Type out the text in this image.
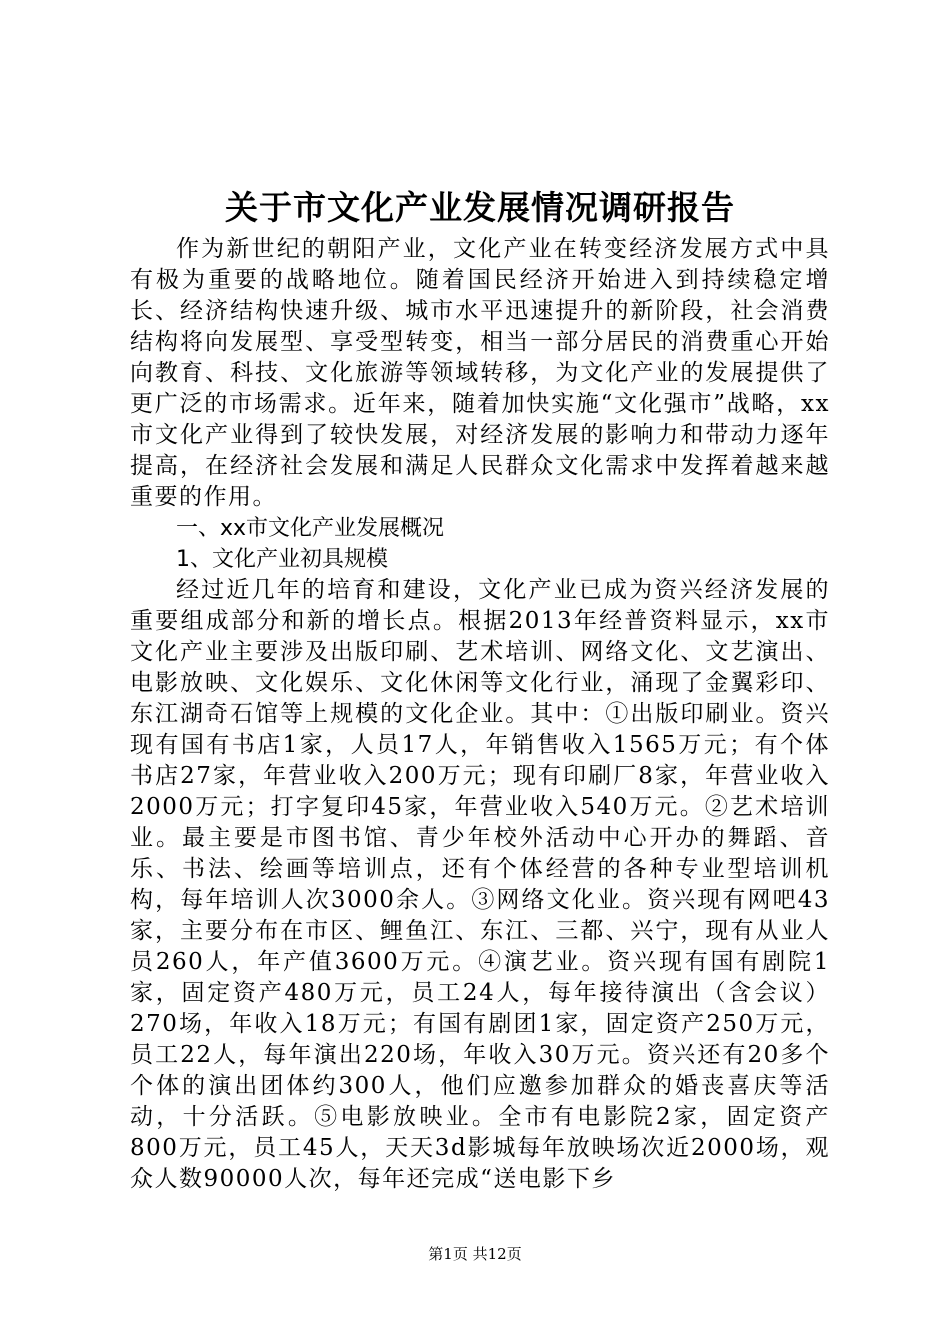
关于市文化产业发展情况调研报告

作为新世纪的朝阳产业，文化产业在转变经济发展方式中具有极为重要的战略地位。随着国民经济开始进入到持续稳定增长、经济结构快速升级、城市水平迅速提升的新阶段，社会消费结构将向发展型、享受型转变，相当一部分居民的消费重心开始向教育、科技、文化旅游等领域转移，为文化产业的发展提供了更广泛的市场需求。近年来，随着加快实施“文化强市”战略，xx市文化产业得到了较快发展，对经济发展的影响力和带动力逐年提高，在经济社会发展和满足人民群众文化需求中发挥着越来越重要的作用。

一、xx市文化产业发展概况

1、文化产业初具规模

经过近几年的培育和建设，文化产业已成为资兴经济发展的重要组成部分和新的增长点。根据2013年经普资料显示，xx市文化产业主要涉及出版印刷、艺术培训、网络文化、文艺演出、电影放映、文化娱乐、文化休闲等文化行业，涌现了金翼彩印、东江湖奇石馆等上规模的文化企业。其中：①出版印刷业。资兴现有国有书店1家，人员17人，年销售收入1565万元；有个体书店27家，年营业收入200万元；现有印刷厂8家，年营业收入2000万元；打字复印45家，年营业收入540万元。②艺术培训业。最主要是市图书馆、青少年校外活动中心开办的舞蹈、音乐、书法、绘画等培训点，还有个体经营的各种专业型培训机构，每年培训人次3000余人。③网络文化业。资兴现有网吧43家，主要分布在市区、鲤鱼江、东江、三都、兴宁，现有从业人员260人，年产值3600万元。④演艺业。资兴现有国有剧院1家，固定资产480万元，员工24人，每年接待演出（含会议）270场，年收入18万元；有国有剧团1家，固定资产250万元，员工22人，每年演出220场，年收入30万元。资兴还有20多个个体的演出团体约300人，他们应邀参加群众的婚丧喜庆等活动，十分活跃。⑤电影放映业。全市有电影院2家，固定资产800万元，员工45人，天天3d影城每年放映场次近2000场，观众人数90000人次，每年还完成“送电影下乡

第1页 共12页
